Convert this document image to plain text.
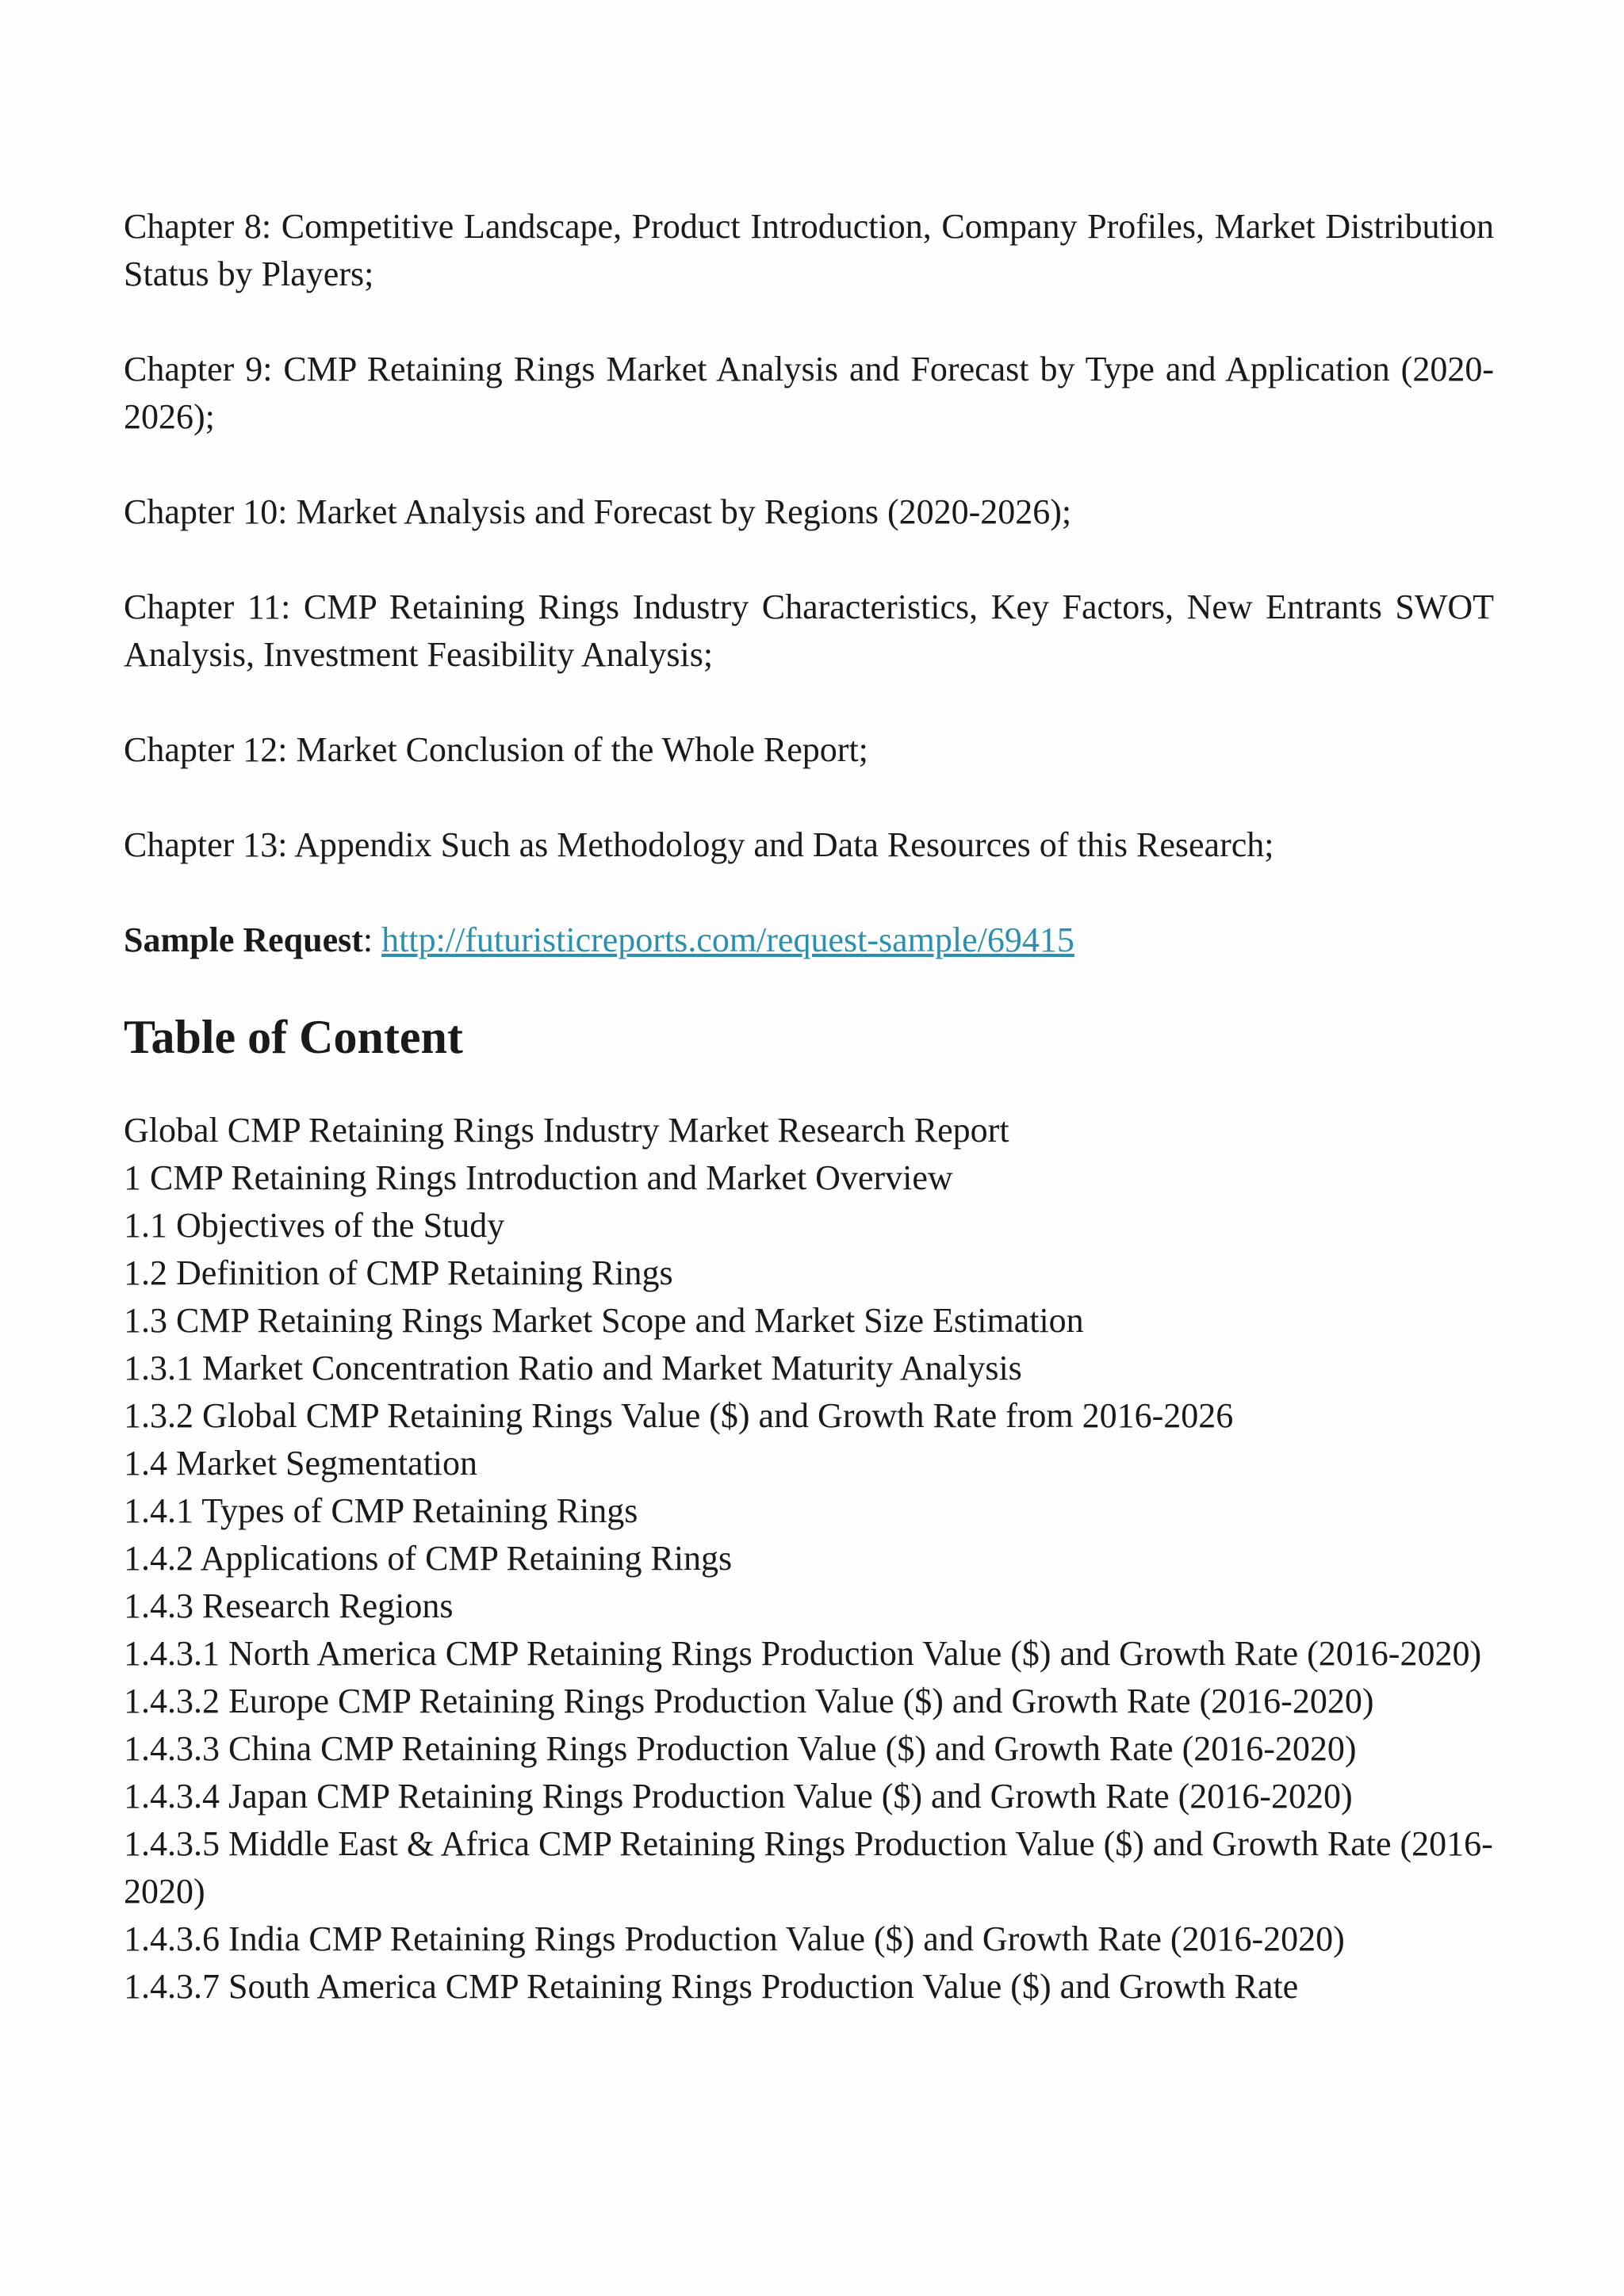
Chapter 8: Competitive Landscape, Product Introduction, Company Profiles, Market Distribution Status by Players;

Chapter 9: CMP Retaining Rings Market Analysis and Forecast by Type and Application (2020-2026);

Chapter 10: Market Analysis and Forecast by Regions (2020-2026);

Chapter 11: CMP Retaining Rings Industry Characteristics, Key Factors, New Entrants SWOT Analysis, Investment Feasibility Analysis;

Chapter 12: Market Conclusion of the Whole Report;

Chapter 13: Appendix Such as Methodology and Data Resources of this Research;

Sample Request: http://futuristicreports.com/request-sample/69415

Table of Content
Global CMP Retaining Rings Industry Market Research Report
1 CMP Retaining Rings Introduction and Market Overview
1.1 Objectives of the Study
1.2 Definition of CMP Retaining Rings
1.3 CMP Retaining Rings Market Scope and Market Size Estimation
1.3.1 Market Concentration Ratio and Market Maturity Analysis
1.3.2 Global CMP Retaining Rings Value ($) and Growth Rate from 2016-2026
1.4 Market Segmentation
1.4.1 Types of CMP Retaining Rings
1.4.2 Applications of CMP Retaining Rings
1.4.3 Research Regions
1.4.3.1 North America CMP Retaining Rings Production Value ($) and Growth Rate (2016-2020)
1.4.3.2 Europe CMP Retaining Rings Production Value ($) and Growth Rate (2016-2020)
1.4.3.3 China CMP Retaining Rings Production Value ($) and Growth Rate (2016-2020)
1.4.3.4 Japan CMP Retaining Rings Production Value ($) and Growth Rate (2016-2020)
1.4.3.5 Middle East & Africa CMP Retaining Rings Production Value ($) and Growth Rate (2016-2020)
1.4.3.6 India CMP Retaining Rings Production Value ($) and Growth Rate (2016-2020)
1.4.3.7 South America CMP Retaining Rings Production Value ($) and Growth Rate
